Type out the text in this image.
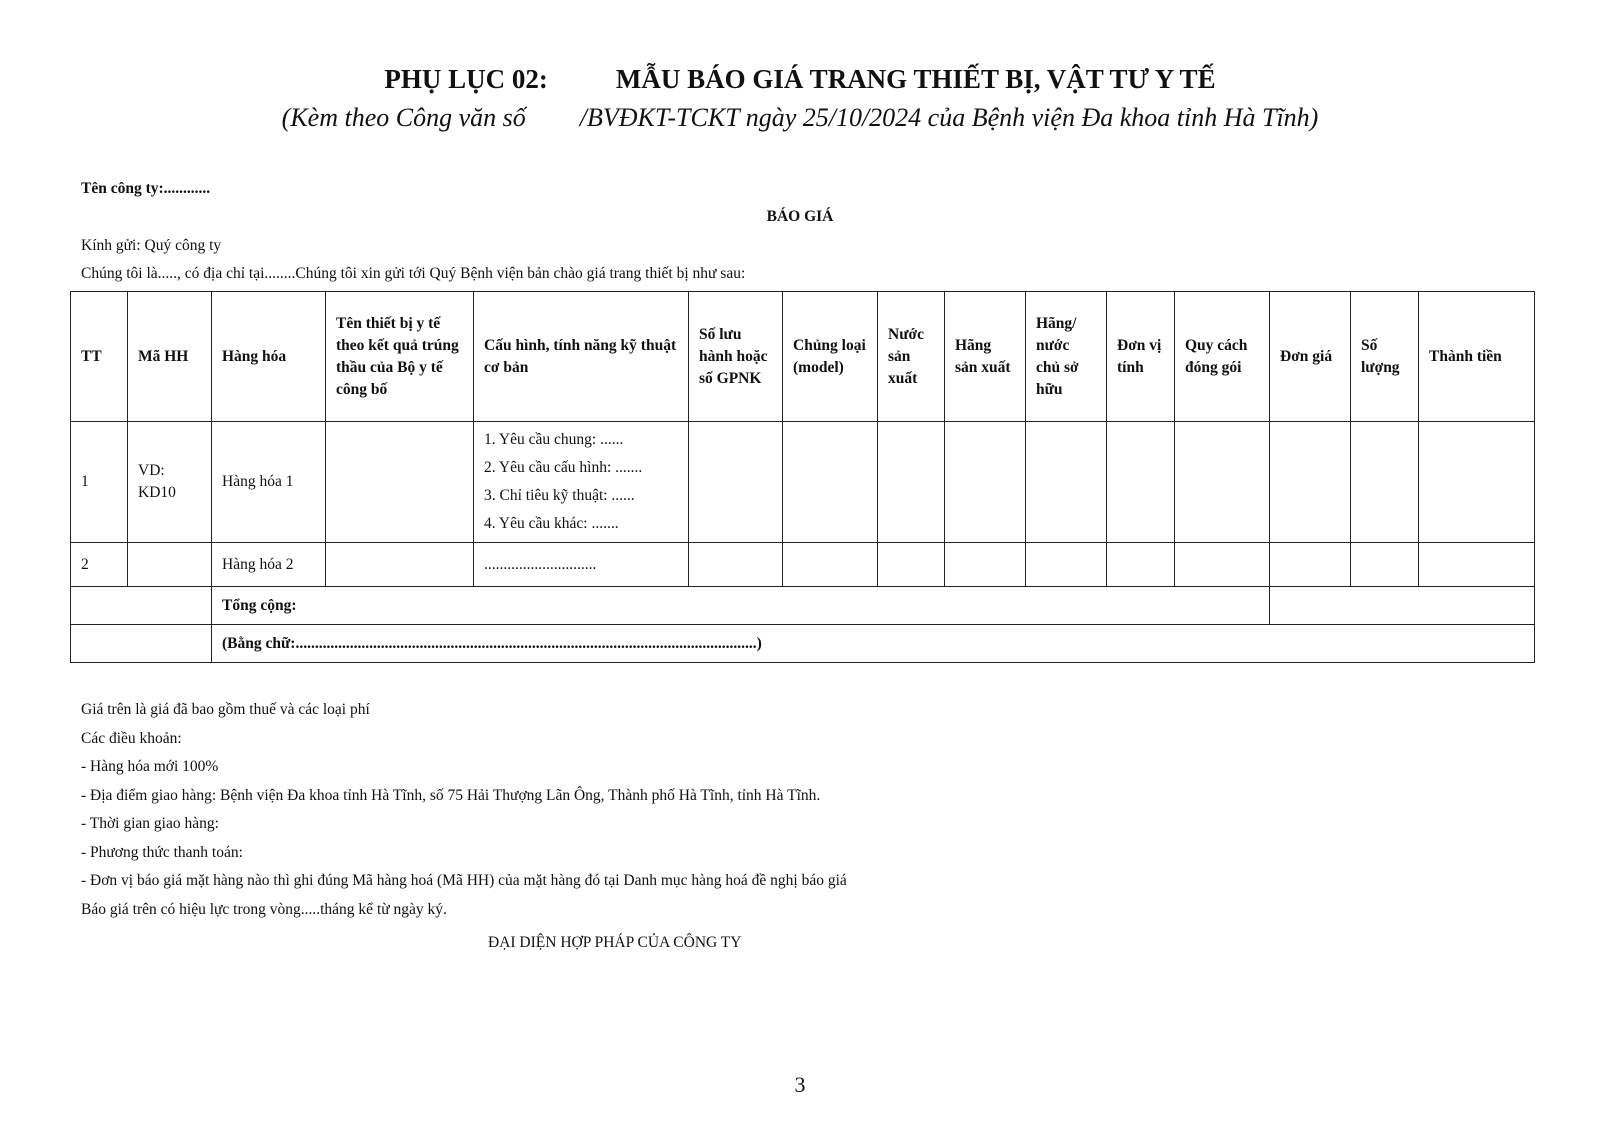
PHỤ LỤC 02:	MẪU BÁO GIÁ TRANG THIẾT BỊ, VẬT TƯ Y TẾ
(Kèm theo Công văn số /BVĐKT-TCKT ngày 25/10/2024 của Bệnh viện Đa khoa tỉnh Hà Tĩnh)
Tên công ty:............
BÁO GIÁ
Kính gửi: Quý công ty
Chúng tôi là....., có địa chỉ tại........Chúng tôi xin gửi tới Quý Bệnh viện bản chào giá trang thiết bị như sau:
TT	Mã HH	Hàng hóa	Tên thiết bị y tế theo kết quả trúng thầu của Bộ y tế công bố	Cấu hình, tính năng kỹ thuật cơ bản	Số lưu hành hoặc số GPNK	Chủng loại (model)	Nước sản xuất	Hãng sản xuất	Hãng/ nước chủ sở hữu	Đơn vị tính	Quy cách đóng gói	Đơn giá	Số lượng	Thành tiền
1	VD: KD10	Hàng hóa 1		1. Yêu cầu chung: ......
2. Yêu cầu cấu hình: .......
3. Chỉ tiêu kỹ thuật: ......
4. Yêu cầu khác: .......										

2		Hàng hóa 2		.............................										
		Tổng cộng:												
		(Bằng chữ:.......................................................................................................................)												
Giá trên là giá đã bao gồm thuế và các loại phí
Các điều khoản:
- Hàng hóa mới 100%
- Địa điểm giao hàng: Bệnh viện Đa khoa tỉnh Hà Tĩnh, số 75 Hải Thượng Lãn Ông, Thành phố Hà Tĩnh, tỉnh Hà Tĩnh.
- Thời gian giao hàng:
- Phương thức thanh toán:
- Đơn vị báo giá mặt hàng nào thì ghi đúng Mã hàng hoá (Mã HH) của mặt hàng đó tại Danh mục hàng hoá đề nghị báo giá
Báo giá trên có hiệu lực trong vòng.....tháng kể từ ngày ký.
ĐẠI DIỆN HỢP PHÁP CỦA CÔNG TY
3
